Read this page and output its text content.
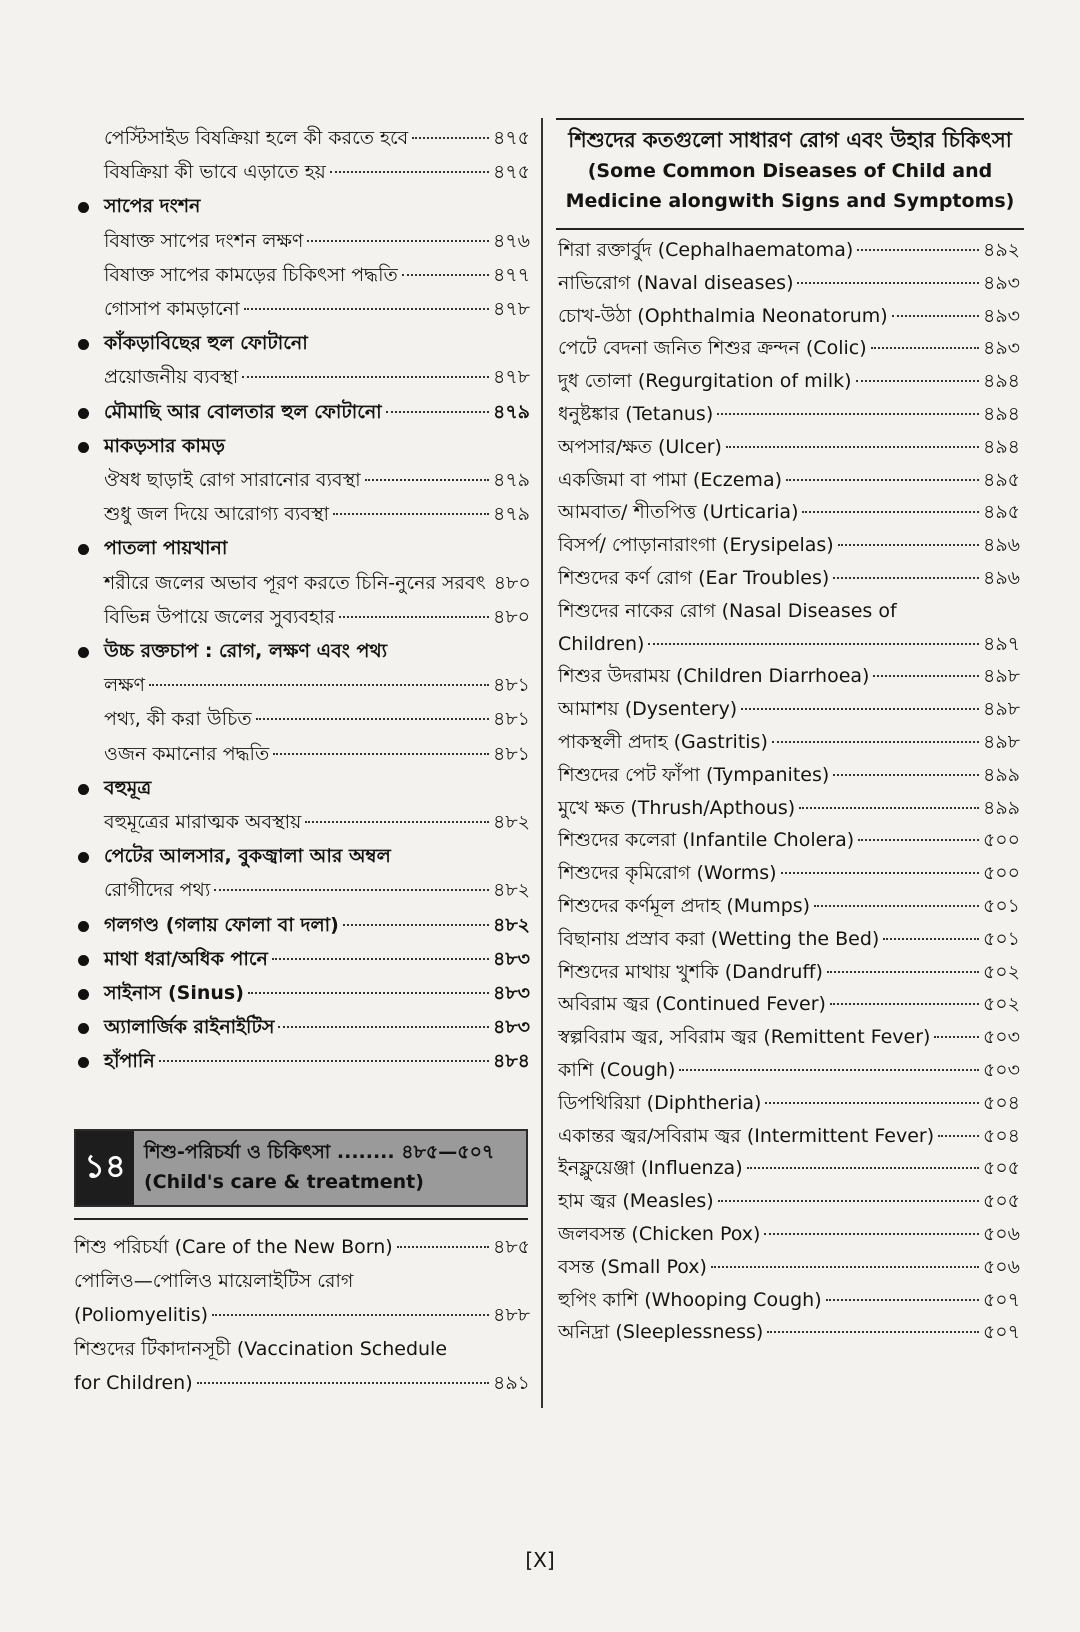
পেস্টিসাইড বিষক্রিয়া হলে কী করতে হবে	৪৭৫
বিষক্রিয়া কী ভাবে এড়াতে হয়	৪৭৫
সাপের দংশন
বিষাক্ত সাপের দংশন লক্ষণ	৪৭৬
বিষাক্ত সাপের কামড়ের চিকিৎসা পদ্ধতি	৪৭৭
গোসাপ কামড়ানো	৪৭৮
কাঁকড়াবিছের হুল ফোটানো
প্রয়োজনীয় ব্যবস্থা	৪৭৮
মৌমাছি আর বোলতার হুল ফোটানো	৪৭৯
মাকড়সার কামড়
ঔষধ ছাড়াই রোগ সারানোর ব্যবস্থা	৪৭৯
শুধু জল দিয়ে আরোগ্য ব্যবস্থা	৪৭৯
পাতলা পায়খানা
শরীরে জলের অভাব পূরণ করতে চিনি-নুনের সরবৎ ৪৮০
বিভিন্ন উপায়ে জলের সুব্যবহার	৪৮০
উচ্চ রক্তচাপ : রোগ, লক্ষণ এবং পথ্য
লক্ষণ	৪৮১
পথ্য, কী করা উচিত	৪৮১
ওজন কমানোর পদ্ধতি	৪৮১
বহুমূত্র
বহুমূত্রের মারাত্মক অবস্থায়	৪৮২
পেটের আলসার, বুকজ্বালা আর অম্বল
রোগীদের পথ্য	৪৮২
গলগণ্ড (গলায় ফোলা বা দলা)	৪৮২
মাথা ধরা/অধিক পানে	৪৮৩
সাইনাস (Sinus)	৪৮৩
অ্যালার্জিক রাইনাইটিস	৪৮৩
হাঁপানি	৪৮৪
১৪ শিশু-পরিচর্যা ও চিকিৎসা ........ ৪৮৫—৫০৭
(Child's care & treatment)
শিশু পরিচর্যা (Care of the New Born)	৪৮৫
পোলিও—পোলিও মায়েলাইটিস রোগ
(Poliomyelitis)	৪৮৮
শিশুদের টিকাদানসূচী (Vaccination Schedule
for Children)	৪৯১
শিশুদের কতগুলো সাধারণ রোগ এবং উহার চিকিৎসা
(Some Common Diseases of Child and
Medicine alongwith Signs and Symptoms)
শিরা রক্তার্বুদ (Cephalhaematoma)	৪৯২
নাভিরোগ (Naval diseases)	৪৯৩
চোখ-উঠা (Ophthalmia Neonatorum)	৪৯৩
পেটে বেদনা জনিত শিশুর ক্রন্দন (Colic)	৪৯৩
দুধ তোলা (Regurgitation of milk)	৪৯৪
ধনুষ্টঙ্কার (Tetanus)	৪৯৪
অপসার/ক্ষত (Ulcer)	৪৯৪
একজিমা বা পামা (Eczema)	৪৯৫
আমবাত/ শীতপিত্ত (Urticaria)	৪৯৫
বিসর্প/ পোড়ানারাংগা (Erysipelas)	৪৯৬
শিশুদের কর্ণ রোগ (Ear Troubles)	৪৯৬
শিশুদের নাকের রোগ (Nasal Diseases of
Children)	৪৯৭
শিশুর উদরাময় (Children Diarrhoea)	৪৯৮
আমাশয় (Dysentery)	৪৯৮
পাকস্থলী প্রদাহ (Gastritis)	৪৯৮
শিশুদের পেট ফাঁপা (Tympanites)	৪৯৯
মুখে ক্ষত (Thrush/Apthous)	৪৯৯
শিশুদের কলেরা (Infantile Cholera)	৫০০
শিশুদের কৃমিরোগ (Worms)	৫০০
শিশুদের কর্ণমূল প্রদাহ (Mumps)	৫০১
বিছানায় প্রস্রাব করা (Wetting the Bed)	৫০১
শিশুদের মাথায় খুশকি (Dandruff)	৫০২
অবিরাম জ্বর (Continued Fever)	৫০২
স্বল্পবিরাম জ্বর, সবিরাম জ্বর (Remittent Fever)	৫০৩
কাশি (Cough)	৫০৩
ডিপথিরিয়া (Diphtheria)	৫০৪
একান্তর জ্বর/সবিরাম জ্বর (Intermittent Fever)	৫০৪
ইনফ্লুয়েঞ্জা (Influenza)	৫০৫
হাম জ্বর (Measles)	৫০৫
জলবসন্ত (Chicken Pox)	৫০৬
বসন্ত (Small Pox)	৫০৬
হুপিং কাশি (Whooping Cough)	৫০৭
অনিদ্রা (Sleeplessness)	৫০৭
[X]
